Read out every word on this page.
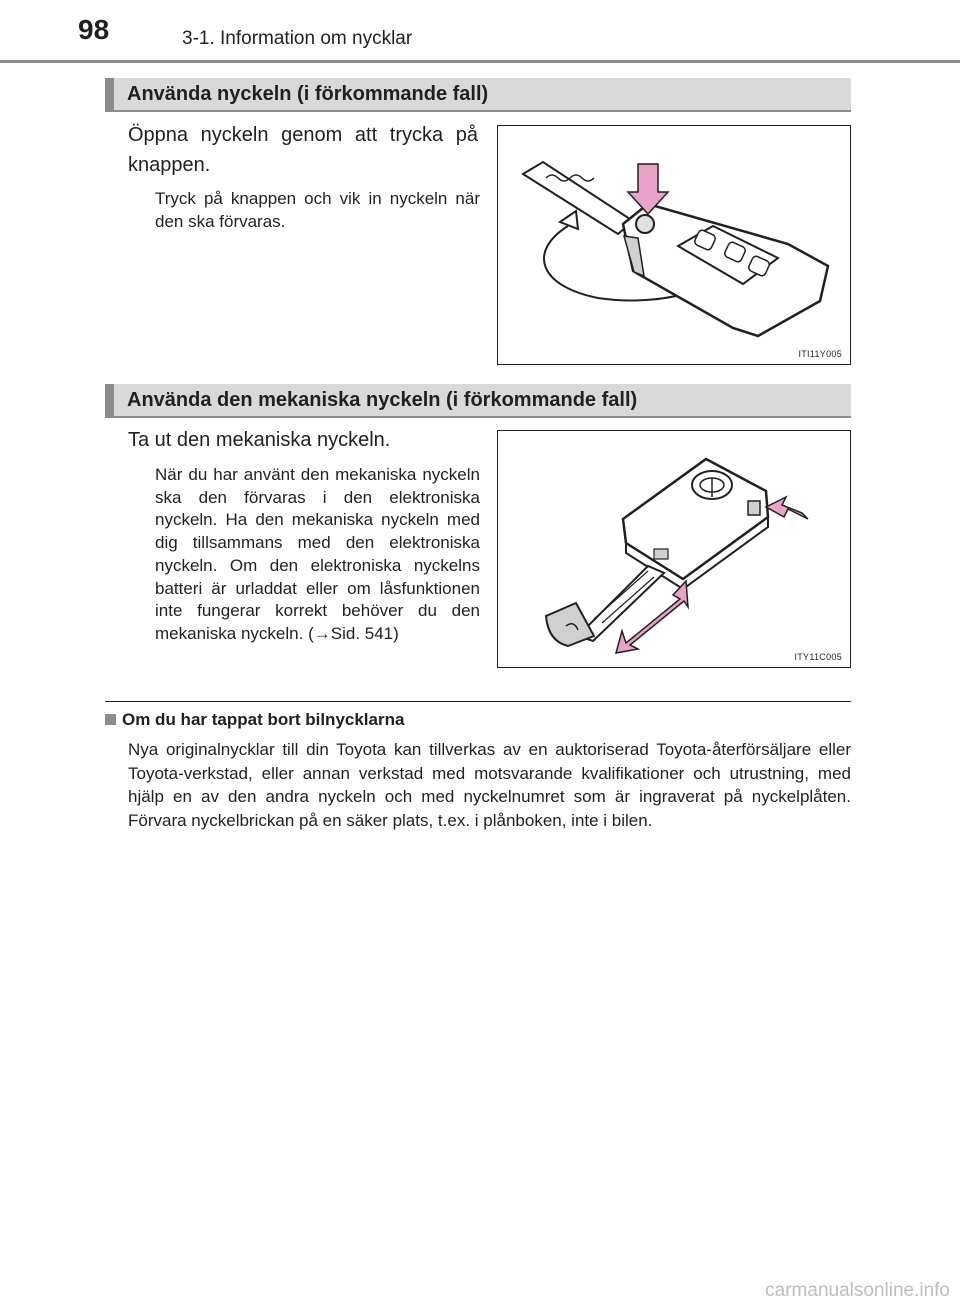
98	3-1. Information om nycklar
Använda nyckeln (i förkommande fall)
Öppna nyckeln genom att trycka på knappen.
Tryck på knappen och vik in nyckeln när den ska förvaras.
ITI11Y005
Använda den mekaniska nyckeln (i förkommande fall)
Ta ut den mekaniska nyckeln.
När du har använt den mekaniska nyckeln ska den förvaras i den elektroniska nyckeln. Ha den mekaniska nyckeln med dig tillsammans med den elektroniska nyckeln. Om den elektroniska nyckelns batteri är urladdat eller om låsfunktionen inte fungerar korrekt behöver du den mekaniska nyckeln. (→Sid. 541)
ITY11C005
Om du har tappat bort bilnycklarna
Nya originalnycklar till din Toyota kan tillverkas av en auktoriserad Toyota-återförsäljare eller Toyota-verkstad, eller annan verkstad med motsvarande kvalifikationer och utrustning, med hjälp en av den andra nyckeln och med nyckelnumret som är ingraverat på nyckelplåten. Förvara nyckelbrickan på en säker plats, t.ex. i plånboken, inte i bilen.
carmanualsonline.info
